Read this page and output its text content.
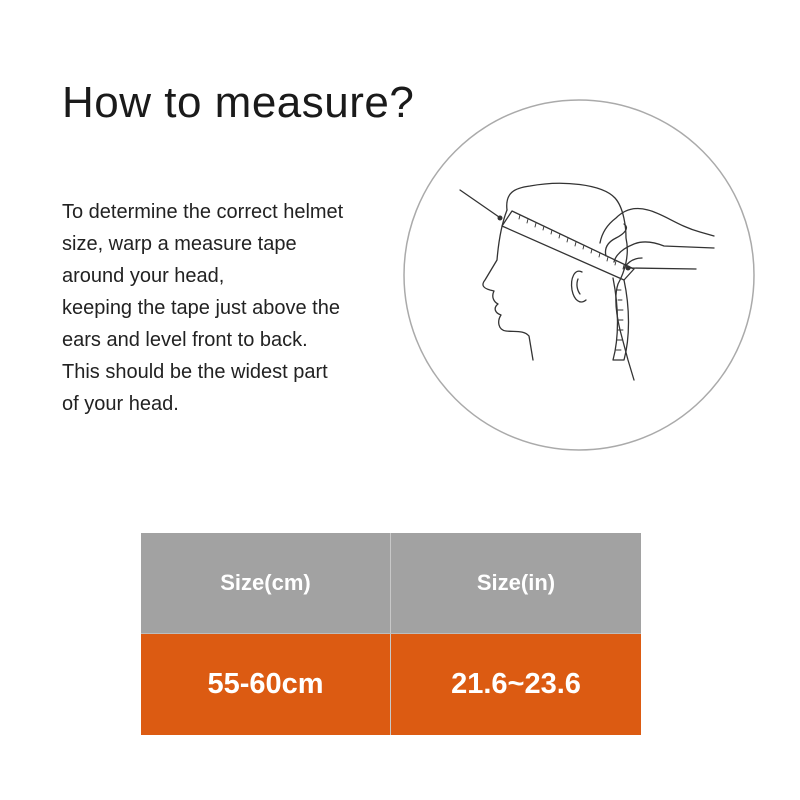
How to measure?
To determine the correct helmet
size, warp a measure tape
around your head,
keeping the tape just above the
ears and level front to back.
This should be the widest part
of your head.
Size(cm)	Size(in)
55-60cm	21.6~23.6
